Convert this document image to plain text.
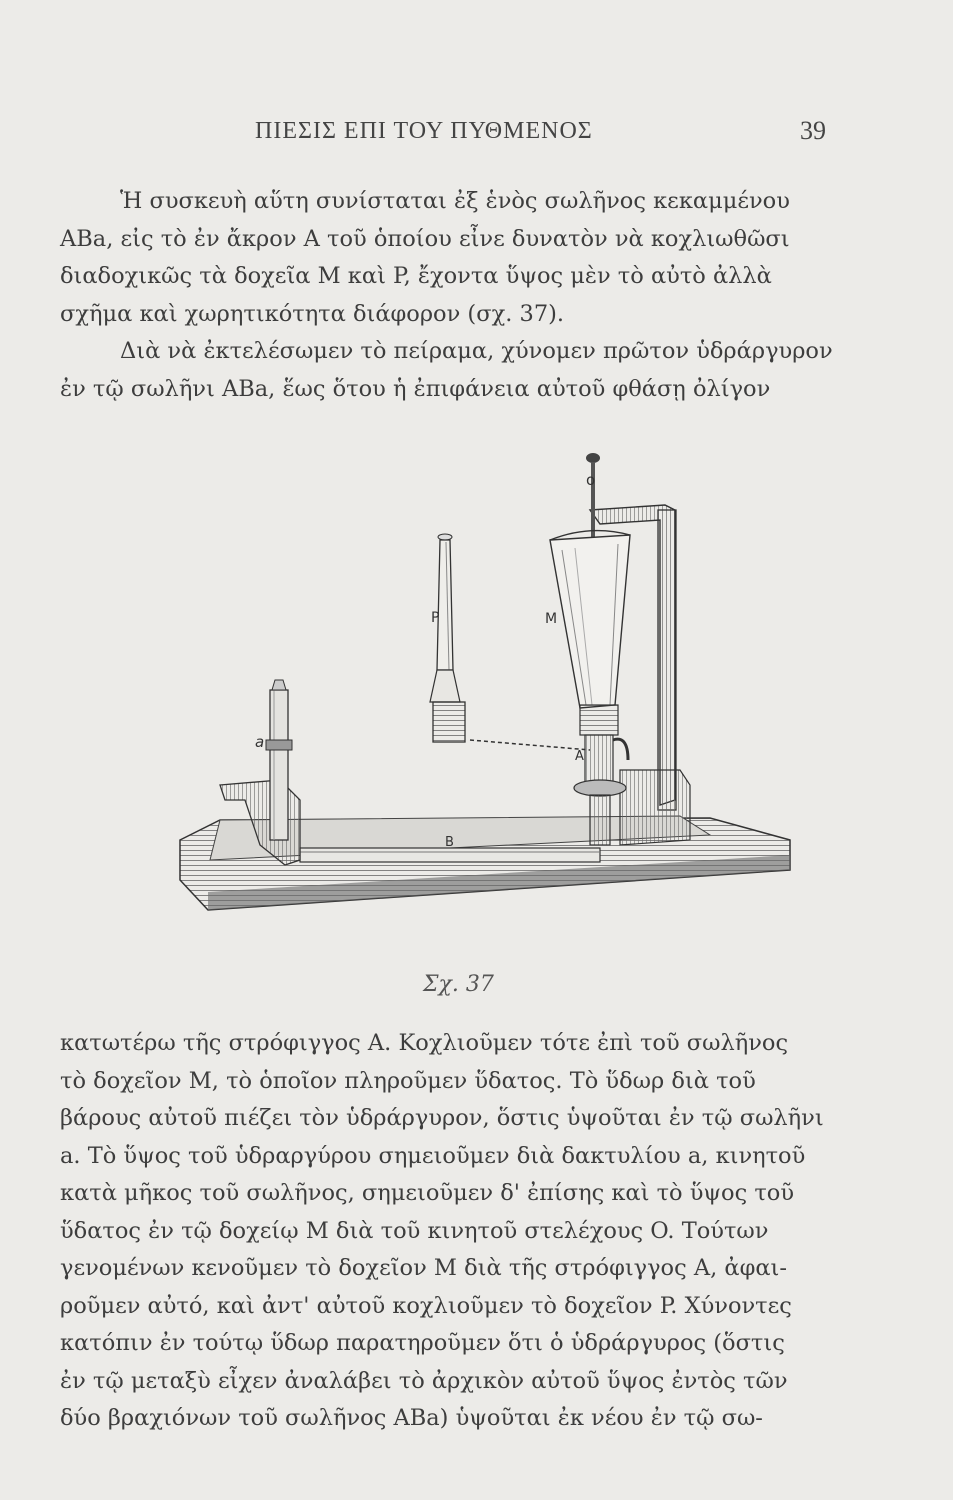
ΠΙΕΣΙΣ ΕΠΙ ΤΟΥ ΠΥΘΜΕΝΟΣ	39
Ἡ συσκευὴ αὕτη συνίσταται ἐξ ἑνὸς σωλῆνος κεκαμμένου
ABa, εἰς τὸ ἐν ἄκρον A τοῦ ὁποίου εἶνε δυνατὸν νὰ κοχλιωθῶσι
διαδοχικῶς τὰ δοχεῖα M καὶ P, ἔχοντα ὕψος μὲν τὸ αὐτὸ ἀλλὰ
σχῆμα καὶ χωρητικότητα διάφορον (σχ. 37).
Διὰ νὰ ἐκτελέσωμεν τὸ πείραμα, χύνομεν πρῶτον ὑδράργυρον
ἐν τῷ σωλῆνι ABa, ἕως ὅτου ἡ ἐπιφάνεια αὐτοῦ φθάσῃ ὀλίγον
o
P	M
a
A
B
Σχ. 37
κατωτέρω τῆς στρόφιγγος A. Κοχλιοῦμεν τότε ἐπὶ τοῦ σωλῆνος
τὸ δοχεῖον M, τὸ ὁποῖον πληροῦμεν ὕδατος. Τὸ ὕδωρ διὰ τοῦ
βάρους αὐτοῦ πιέζει τὸν ὑδράργυρον, ὅστις ὑψοῦται ἐν τῷ σωλῆνι
a. Τὸ ὕψος τοῦ ὑδραργύρου σημειοῦμεν διὰ δακτυλίου a, κινητοῦ
κατὰ μῆκος τοῦ σωλῆνος, σημειοῦμεν δ' ἐπίσης καὶ τὸ ὕψος τοῦ
ὕδατος ἐν τῷ δοχείῳ M διὰ τοῦ κινητοῦ στελέχους O. Τούτων
γενομένων κενοῦμεν τὸ δοχεῖον M διὰ τῆς στρόφιγγος A, ἀφαι-
ροῦμεν αὐτό, καὶ ἀντ' αὐτοῦ κοχλιοῦμεν τὸ δοχεῖον P. Χύνοντες
κατόπιν ἐν τούτῳ ὕδωρ παρατηροῦμεν ὅτι ὁ ὑδράργυρος (ὅστις
ἐν τῷ μεταξὺ εἶχεν ἀναλάβει τὸ ἀρχικὸν αὐτοῦ ὕψος ἐντὸς τῶν
δύο βραχιόνων τοῦ σωλῆνος ABa) ὑψοῦται ἐκ νέου ἐν τῷ σω-
